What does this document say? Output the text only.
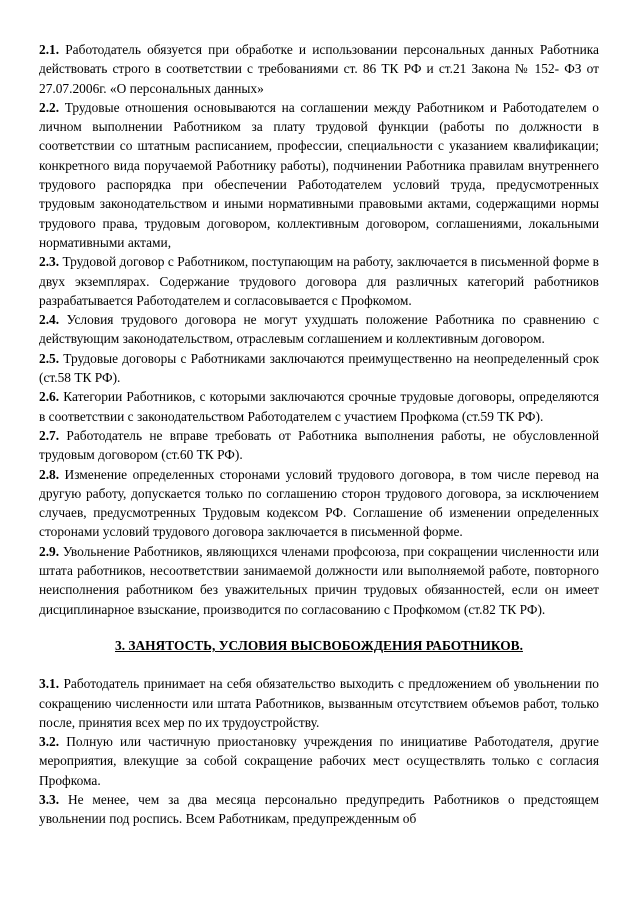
2.1. Работодатель обязуется при обработке и использовании персональных данных Работника действовать строго в соответствии с требованиями ст. 86 ТК РФ и ст.21 Закона № 152- ФЗ от 27.07.2006г. «О персональных данных»

2.2. Трудовые отношения основываются на соглашении между Работником и Работодателем о личном выполнении Работником за плату трудовой функции (работы по должности в соответствии со штатным расписанием, профессии, специальности с указанием квалификации; конкретного вида поручаемой Работнику работы), подчинении Работника правилам внутреннего трудового распорядка при обеспечении Работодателем условий труда, предусмотренных трудовым законодательством и иными нормативными правовыми актами, содержащими нормы трудового права, трудовым договором, коллективным договором, соглашениями, локальными нормативными актами,

2.3. Трудовой договор с Работником, поступающим на работу, заключается в письменной форме в двух экземплярах. Содержание трудового договора для различных категорий работников разрабатывается Работодателем и согласовывается с Профкомом.

2.4. Условия трудового договора не могут ухудшать положение Работника по сравнению с действующим законодательством, отраслевым соглашением и коллективным договором.

2.5. Трудовые договоры с Работниками заключаются преимущественно на неопределенный срок (ст.58 ТК РФ).

2.6. Категории Работников, с которыми заключаются срочные трудовые договоры, определяются в соответствии с законодательством Работодателем с участием Профкома (ст.59 ТК РФ).

2.7. Работодатель не вправе требовать от Работника выполнения работы, не обусловленной трудовым договором (ст.60 ТК РФ).

2.8. Изменение определенных сторонами условий трудового договора, в том числе перевод на другую работу, допускается только по соглашению сторон трудового договора, за исключением случаев, предусмотренных Трудовым кодексом РФ. Соглашение об изменении определенных сторонами условий трудового договора заключается в письменной форме.

2.9. Увольнение Работников, являющихся членами профсоюза, при сокращении численности или штата работников, несоответствии занимаемой должности или выполняемой работе, повторного неисполнения работником без уважительных причин трудовых обязанностей, если он имеет дисциплинарное взыскание, производится по согласованию с Профкомом (ст.82 ТК РФ).

3. ЗАНЯТОСТЬ, УСЛОВИЯ ВЫСВОБОЖДЕНИЯ РАБОТНИКОВ.

3.1. Работодатель принимает на себя обязательство выходить с предложением об увольнении по сокращению численности или штата Работников, вызванным отсутствием объемов работ, только после, принятия всех мер по их трудоустройству.

3.2. Полную или частичную приостановку учреждения по инициативе Работодателя, другие мероприятия, влекущие за собой сокращение рабочих мест осуществлять только с согласия Профкома.

3.3. Не менее, чем за два месяца персонально предупредить Работников о предстоящем увольнении под роспись. Всем Работникам, предупрежденным об
